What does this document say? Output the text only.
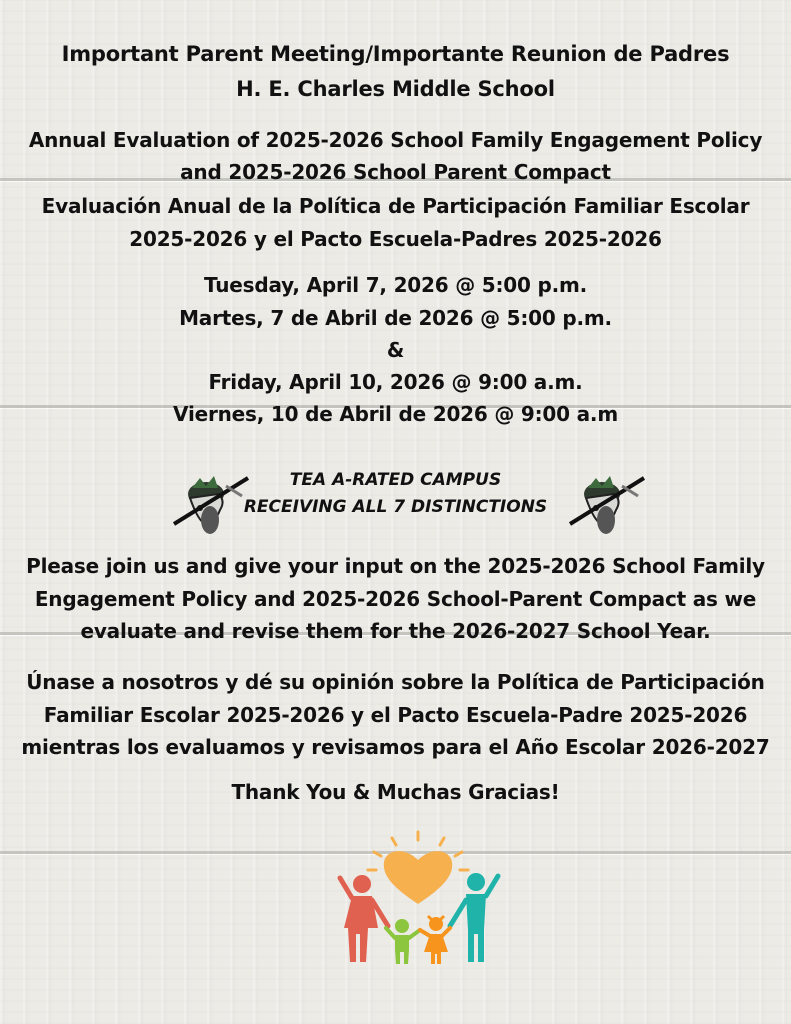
Important Parent Meeting/Importante Reunion de Padres
H. E. Charles Middle School
Annual Evaluation of 2025-2026 School Family Engagement Policy
and 2025-2026 School Parent Compact
Evaluación Anual de la Política de Participación Familiar Escolar
2025-2026 y el Pacto Escuela-Padres 2025-2026
Tuesday, April 7, 2026 @ 5:00 p.m.
Martes, 7 de Abril de 2026 @ 5:00 p.m.
&
Friday, April 10, 2026 @ 9:00 a.m.
Viernes, 10 de Abril de 2026 @ 9:00 a.m
TEA A-RATED CAMPUS
RECEIVING ALL 7 DISTINCTIONS
Please join us and give your input on the 2025-2026 School Family
Engagement Policy and 2025-2026 School-Parent Compact as we
evaluate and revise them for the 2026-2027 School Year.
Únase a nosotros y dé su opinión sobre la Política de Participación
Familiar Escolar 2025-2026 y el Pacto Escuela-Padre 2025-2026
mientras los evaluamos y revisamos para el Año Escolar 2026-2027
Thank You & Muchas Gracias!
